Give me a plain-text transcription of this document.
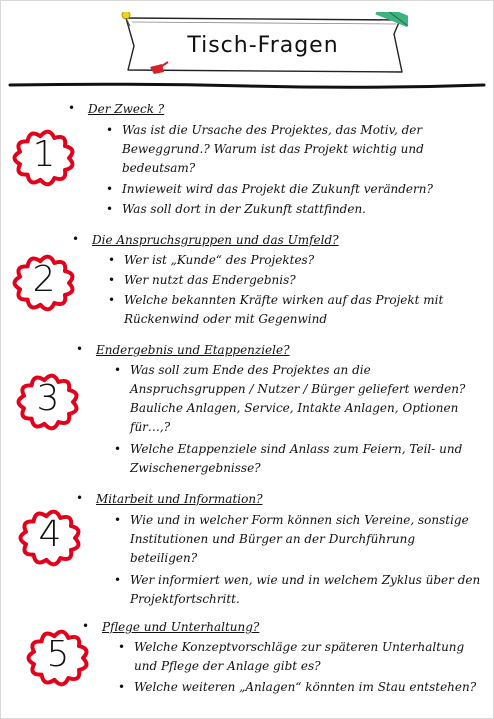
Tisch-Fragen
1
• Der Zweck ?
• Was ist die Ursache des Projektes, das Motiv, der Beweggrund.? Warum ist das Projekt wichtig und bedeutsam?
• Inwieweit wird das Projekt die Zukunft verändern?
• Was soll dort in der Zukunft stattfinden.
2
• Die Anspruchsgruppen und das Umfeld?
• Wer ist „Kunde“ des Projektes?
• Wer nutzt das Endergebnis?
• Welche bekannten Kräfte wirken auf das Projekt mit Rückenwind oder mit Gegenwind
3
• Endergebnis und Etappenziele?
• Was soll zum Ende des Projektes an die Anspruchsgruppen / Nutzer / Bürger geliefert werden? Bauliche Anlagen, Service, Intakte Anlagen, Optionen für…,?
• Welche Etappenziele sind Anlass zum Feiern, Teil- und Zwischenergebnisse?
4
• Mitarbeit und Information?
• Wie und in welcher Form können sich Vereine, sonstige Institutionen und Bürger an der Durchführung beteiligen?
• Wer informiert wen, wie und in welchem Zyklus über den Projektfortschritt.
5
• Pflege und Unterhaltung?
• Welche Konzeptvorschläge zur späteren Unterhaltung und Pflege der Anlage gibt es?
• Welche weiteren „Anlagen“ könnten im Stau entstehen?
